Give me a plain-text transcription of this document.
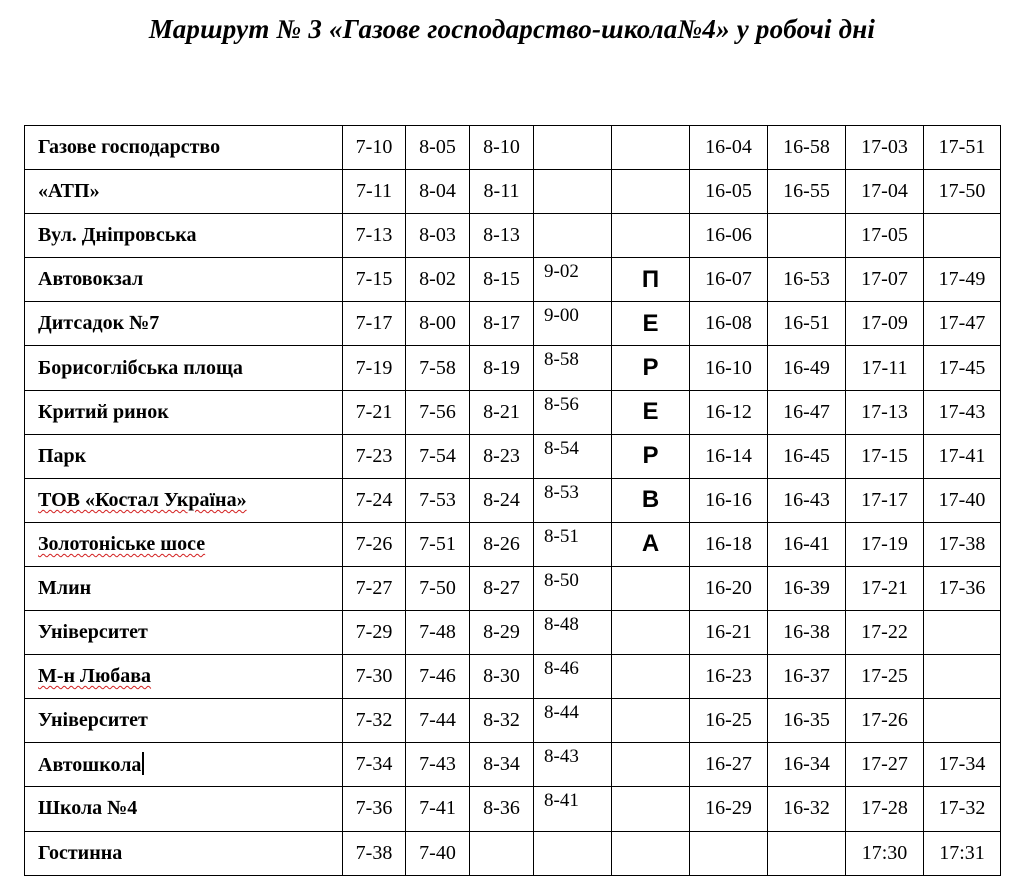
Маршрут № 3 «Газове господарство-школа№4» у робочі дні
Газове господарство	7-10	8-05	8-10			16-04	16-58	17-03	17-51
«АТП»	7-11	8-04	8-11			16-05	16-55	17-04	17-50
Вул. Дніпровська	7-13	8-03	8-13			16-06		17-05	
Автовокзал	7-15	8-02	8-15	9-02	П	16-07	16-53	17-07	17-49
Дитсадок №7	7-17	8-00	8-17	9-00	Е	16-08	16-51	17-09	17-47
Борисоглібська площа	7-19	7-58	8-19	8-58	Р	16-10	16-49	17-11	17-45
Критий ринок	7-21	7-56	8-21	8-56	Е	16-12	16-47	17-13	17-43
Парк	7-23	7-54	8-23	8-54	Р	16-14	16-45	17-15	17-41
ТОВ «Костал Україна»	7-24	7-53	8-24	8-53	В	16-16	16-43	17-17	17-40
Золотоніське шосе	7-26	7-51	8-26	8-51	А	16-18	16-41	17-19	17-38
Млин	7-27	7-50	8-27	8-50		16-20	16-39	17-21	17-36
Університет	7-29	7-48	8-29	8-48		16-21	16-38	17-22	
М-н Любава	7-30	7-46	8-30	8-46		16-23	16-37	17-25	
Університет	7-32	7-44	8-32	8-44		16-25	16-35	17-26	
Автошкола	7-34	7-43	8-34	8-43		16-27	16-34	17-27	17-34
Школа №4	7-36	7-41	8-36	8-41		16-29	16-32	17-28	17-32
Гостинна	7-38	7-40						17:30	17:31
